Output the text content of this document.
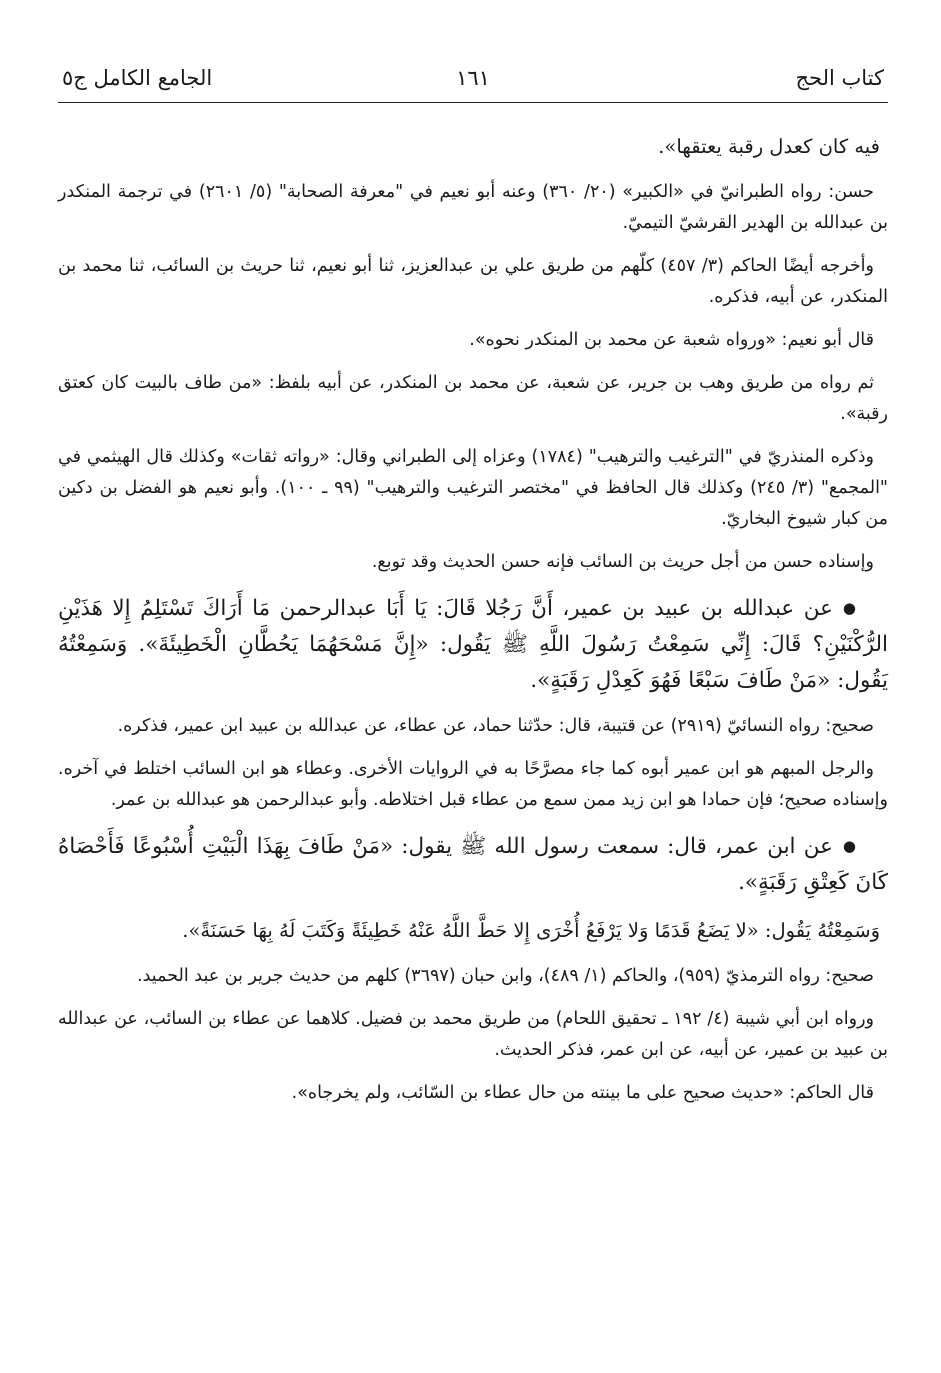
كتاب الحج
١٦١
الجامع الكامل ج٥

فيه كان كعدل رقبة يعتقها».

حسن: رواه الطبرانيّ في «الكبير» (٢٠/ ٣٦٠) وعنه أبو نعيم في "معرفة الصحابة" (٥/ ٢٦٠١) في ترجمة المنكدر بن عبدالله بن الهدير القرشيّ التيميّ.

وأخرجه أيضًا الحاكم (٣/ ٤٥٧) كلّهم من طريق علي بن عبدالعزيز، ثنا أبو نعيم، ثنا حريث بن السائب، ثنا محمد بن المنكدر، عن أبيه، فذكره.

قال أبو نعيم: «ورواه شعبة عن محمد بن المنكدر نحوه».

ثم رواه من طريق وهب بن جرير، عن شعبة، عن محمد بن المنكدر، عن أبيه بلفظ: «من طاف بالبيت كان كعتق رقبة».

وذكره المنذريّ في "الترغيب والترهيب" (١٧٨٤) وعزاه إلى الطبراني وقال: «رواته ثقات» وكذلك قال الهيثمي في "المجمع" (٣/ ٢٤٥) وكذلك قال الحافظ في "مختصر الترغيب والترهيب" (٩٩ ـ ١٠٠). وأبو نعيم هو الفضل بن دكين من كبار شيوخ البخاريّ.

وإسناده حسن من أجل حريث بن السائب فإنه حسن الحديث وقد توبع.

●عن عبدالله بن عبيد بن عمير، أَنَّ رَجُلا قَالَ: يَا أَبَا عبدالرحمن مَا أَرَاكَ تَسْتَلِمُ إِلا هَذَيْنِ الرُّكْنَيْنِ؟ قَالَ: إِنِّي سَمِعْتُ رَسُولَ اللَّهِ ﷺ يَقُول: «إِنَّ مَسْحَهُمَا يَحُطَّانِ الْخَطِيئَةَ». وَسَمِعْتُهُ يَقُول: «مَنْ طَافَ سَبْعًا فَهُوَ كَعِدْلِ رَقَبَةٍ».

صحيح: رواه النسائيّ (٢٩١٩) عن قتيبة، قال: حدّثنا حماد، عن عطاء، عن عبدالله بن عبيد ابن عمير، فذكره.

والرجل المبهم هو ابن عمير أبوه كما جاء مصرَّحًا به في الروايات الأخرى. وعطاء هو ابن السائب اختلط في آخره. وإسناده صحيح؛ فإن حمادا هو ابن زيد ممن سمع من عطاء قبل اختلاطه. وأبو عبدالرحمن هو عبدالله بن عمر.

●عن ابن عمر، قال: سمعت رسول الله ﷺ يقول: «مَنْ طَافَ بِهَذَا الْبَيْتِ أُسْبُوعًا فَأَحْصَاهُ كَانَ كَعِتْقِ رَقَبَةٍ».

وَسَمِعْتُهُ يَقُول: «لا يَضَعُ قَدَمًا وَلا يَرْفَعُ أُخْرَى إِلا حَطَّ اللَّهُ عَنْهُ خَطِيئَةً وَكَتَبَ لَهُ بِهَا حَسَنَةً».

صحيح: رواه الترمذيّ (٩٥٩)، والحاكم (١/ ٤٨٩)، وابن حبان (٣٦٩٧) كلهم من حديث جرير بن عبد الحميد.

ورواه ابن أبي شيبة (٤/ ١٩٢ ـ تحقيق اللحام) من طريق محمد بن فضيل. كلاهما عن عطاء بن السائب، عن عبدالله بن عبيد بن عمير، عن أبيه، عن ابن عمر، فذكر الحديث.

قال الحاكم: «حديث صحيح على ما بينته من حال عطاء بن السّائب، ولم يخرجاه».
